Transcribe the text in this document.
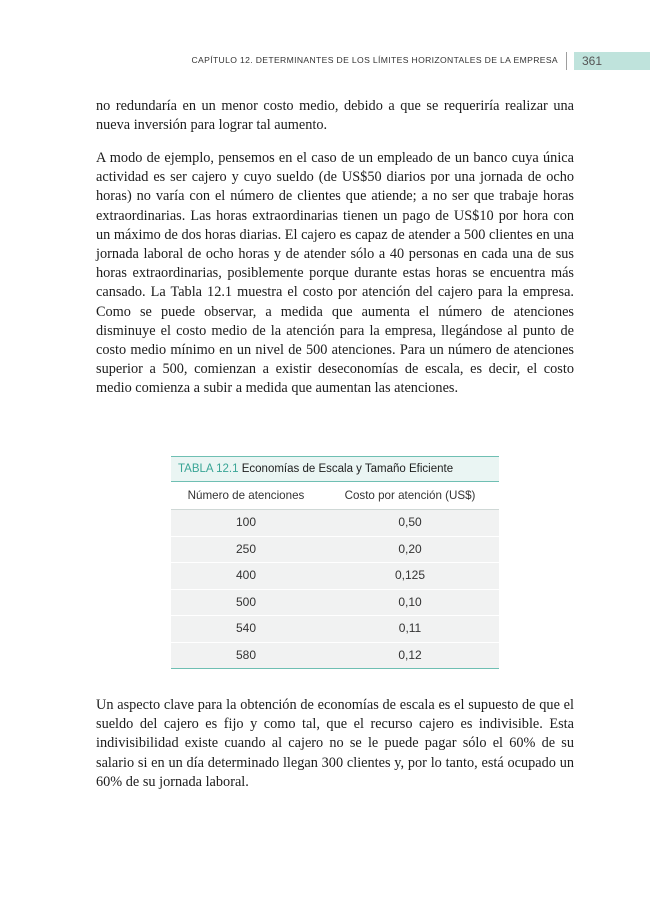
CAPÍTULO 12. DETERMINANTES DE LOS LÍMITES HORIZONTALES DE LA EMPRESA	361

no redundaría en un menor costo medio, debido a que se requeriría realizar una nueva inversión para lograr tal aumento.

A modo de ejemplo, pensemos en el caso de un empleado de un banco cuya única actividad es ser cajero y cuyo sueldo (de US$50 diarios por una jornada de ocho horas) no varía con el número de clientes que atiende; a no ser que trabaje horas extraordinarias. Las horas extraordinarias tienen un pago de US$10 por hora con un máximo de dos horas diarias. El cajero es capaz de atender a 500 clientes en una jornada laboral de ocho horas y de atender sólo a 40 personas en cada una de sus horas extraordinarias, posiblemente porque durante estas horas se encuentra más cansado. La Tabla 12.1 muestra el costo por atención del cajero para la empresa. Como se puede observar, a medida que aumenta el número de atenciones disminuye el costo medio de la atención para la empresa, llegándose al punto de costo medio mínimo en un nivel de 500 atenciones. Para un número de atenciones superior a 500, comienzan a existir deseconomías de escala, es decir, el costo medio comienza a subir a medida que aumentan las atenciones.

TABLA 12.1 Economías de Escala y Tamaño Eficiente
Número de atenciones	Costo por atención (US$)
100	0,50
250	0,20
400	0,125
500	0,10
540	0,11
580	0,12

Un aspecto clave para la obtención de economías de escala es el supuesto de que el sueldo del cajero es fijo y como tal, que el recurso cajero es indivisible. Esta indivisibilidad existe cuando al cajero no se le puede pagar sólo el 60% de su salario si en un día determinado llegan 300 clientes y, por lo tanto, está ocupado un 60% de su jornada laboral.
